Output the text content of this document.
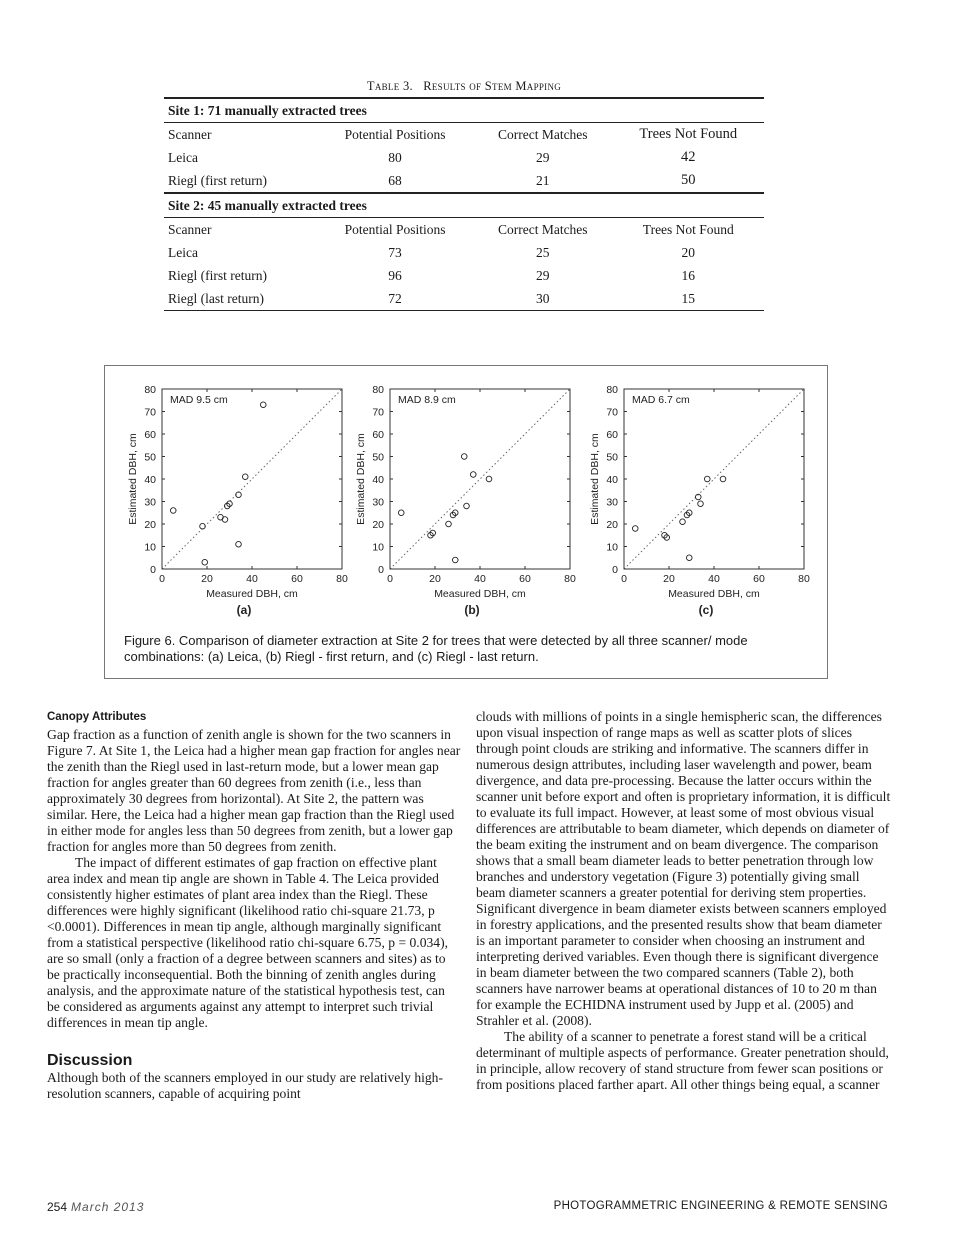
Table 3. Results of Stem Mapping
Site 1: 71 manually extracted trees			
Scanner	Potential Positions	Correct Matches	Trees Not Found
Leica	80	29	42
Riegl (first return)	68	21	50
Site 2: 45 manually extracted trees			
Scanner	Potential Positions	Correct Matches	Trees Not Found
Leica	73	25	20
Riegl (first return)	96	29	16
Riegl (last return)	72	30	15
0	20	40	60	80
0
10
20
30
40
50
60
70
80
MAD 9.5 cm
Measured DBH, cm
Estimated DBH, cm
(a)
0	20	40	60	80
0
10
20
30
40
50
60
70
80
MAD 8.9 cm
Measured DBH, cm
Estimated DBH, cm
(b)
0	20	40	60	80
0
10
20
30
40
50
60
70
80
MAD 6.7 cm
Measured DBH, cm
Estimated DBH, cm
(c)
Figure 6. Comparison of diameter extraction at Site 2 for trees that were detected by all three scanner/ mode combinations: (a) Leica, (b) Riegl - first return, and (c) Riegl - last return.
Canopy Attributes

Gap fraction as a function of zenith angle is shown for the two scanners in Figure 7. At Site 1, the Leica had a higher mean gap fraction for angles near the zenith than the Riegl used in last-return mode, but a lower mean gap fraction for angles greater than 60 degrees from zenith (i.e., less than approximately 30 degrees from horizontal). At Site 2, the pattern was similar. Here, the Leica had a higher mean gap fraction than the Riegl used in either mode for angles less than 50 degrees from zenith, but a lower gap fraction for angles more than 50 degrees from zenith.

The impact of different estimates of gap fraction on effective plant area index and mean tip angle are shown in Table 4. The Leica provided consistently higher estimates of plant area index than the Riegl. These differences were highly significant (likelihood ratio chi-square 21.73, p <0.0001). Differences in mean tip angle, although marginally significant from a statistical perspective (likelihood ratio chi-square 6.75, p = 0.034), are so small (only a fraction of a degree between scanners and sites) as to be practically inconsequential. Both the binning of zenith angles during analysis, and the approximate nature of the statistical hypothesis test, can be considered as arguments against any attempt to interpret such trivial differences in mean tip angle.

Discussion

Although both of the scanners employed in our study are relatively high-resolution scanners, capable of acquiring point

clouds with millions of points in a single hemispheric scan, the differences upon visual inspection of range maps as well as scatter plots of slices through point clouds are striking and informative. The scanners differ in numerous design attributes, including laser wavelength and power, beam divergence, and data pre-processing. Because the latter occurs within the scanner unit before export and often is proprietary information, it is difficult to evaluate its full impact. However, at least some of most obvious visual differences are attributable to beam diameter, which depends on diameter of the beam exiting the instrument and on beam divergence. The comparison shows that a small beam diameter leads to better penetration through low branches and understory vegetation (Figure 3) potentially giving small beam diameter scanners a greater potential for deriving stem properties. Significant divergence in beam diameter exists between scanners employed in forestry applications, and the presented results show that beam diameter is an important parameter to consider when choosing an instrument and interpreting derived variables. Even though there is significant divergence in beam diameter between the two compared scanners (Table 2), both scanners have narrower beams at operational distances of 10 to 20 m than for example the ECHIDNA instrument used by Jupp et al. (2005) and Strahler et al. (2008).

The ability of a scanner to penetrate a forest stand will be a critical determinant of multiple aspects of performance. Greater penetration should, in principle, allow recovery of stand structure from fewer scan positions or from positions placed farther apart. All other things being equal, a scanner

254 March 2013	PHOTOGRAMMETRIC ENGINEERING & REMOTE SENSING
